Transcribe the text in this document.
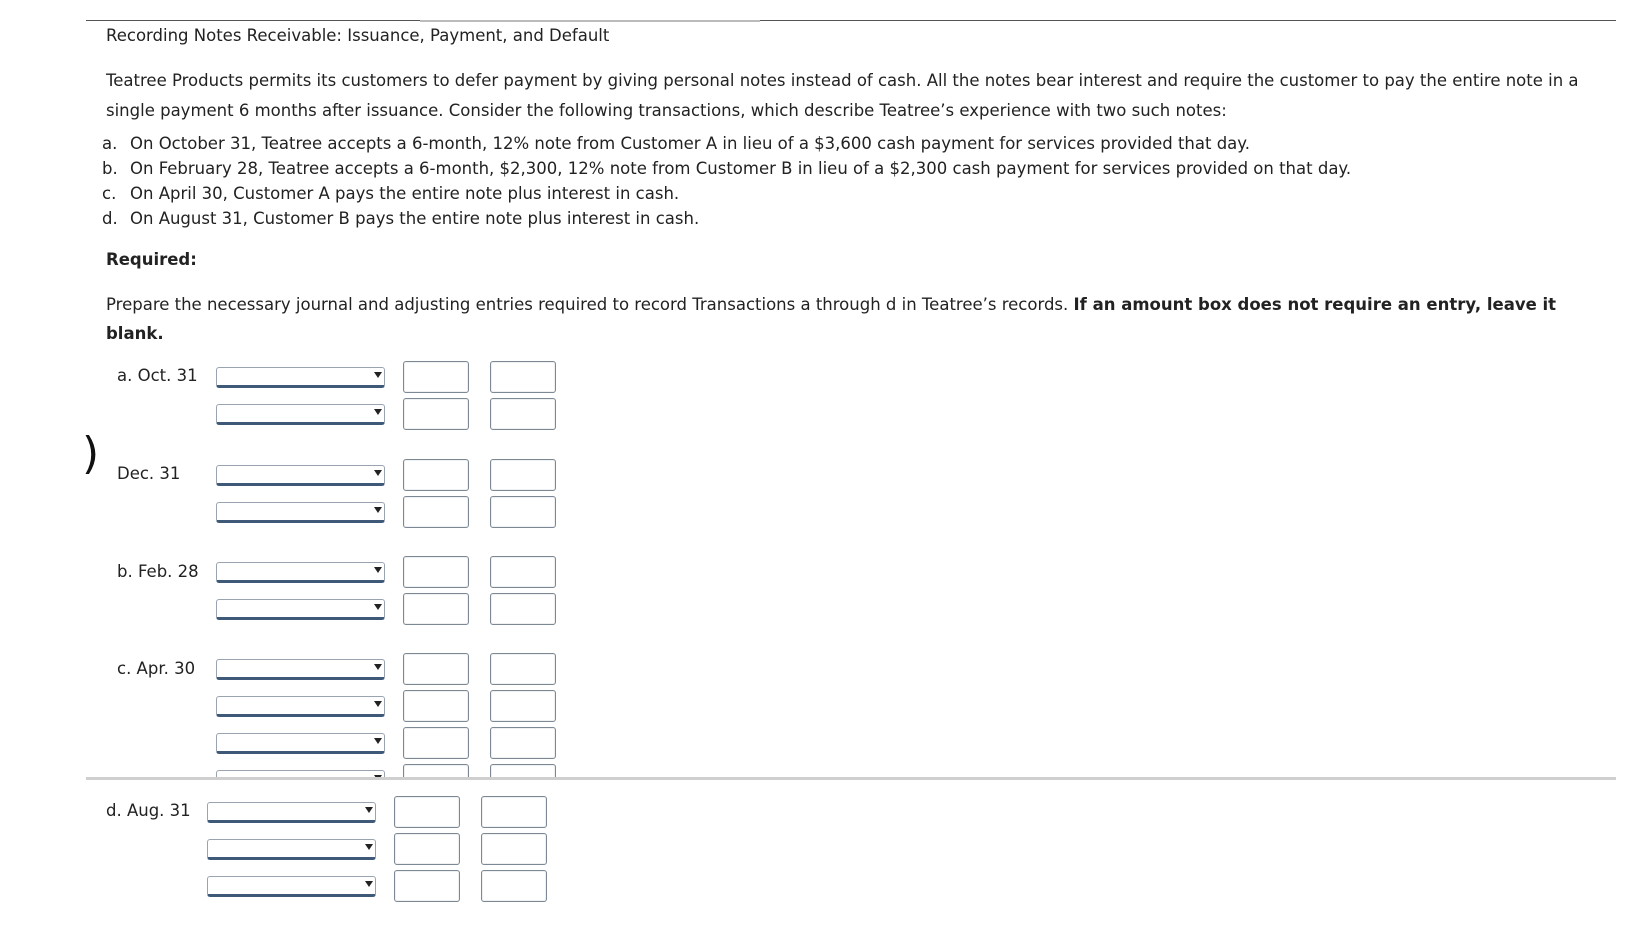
Recording Notes Receivable: Issuance, Payment, and Default
Teatree Products permits its customers to defer payment by giving personal notes instead of cash. All the notes bear interest and require the customer to pay the entire note in a single payment 6 months after issuance. Consider the following transactions, which describe Teatree’s experience with two such notes:
a. On October 31, Teatree accepts a 6-month, 12% note from Customer A in lieu of a $3,600 cash payment for services provided that day.
b. On February 28, Teatree accepts a 6-month, $2,300, 12% note from Customer B in lieu of a $2,300 cash payment for services provided on that day.
c. On April 30, Customer A pays the entire note plus interest in cash.
d. On August 31, Customer B pays the entire note plus interest in cash.
Required:
Prepare the necessary journal and adjusting entries required to record Transactions a through d in Teatree’s records. If an amount box does not require an entry, leave it blank.
)
a. Oct. 31
Dec. 31
b. Feb. 28
c. Apr. 30
d. Aug. 31
